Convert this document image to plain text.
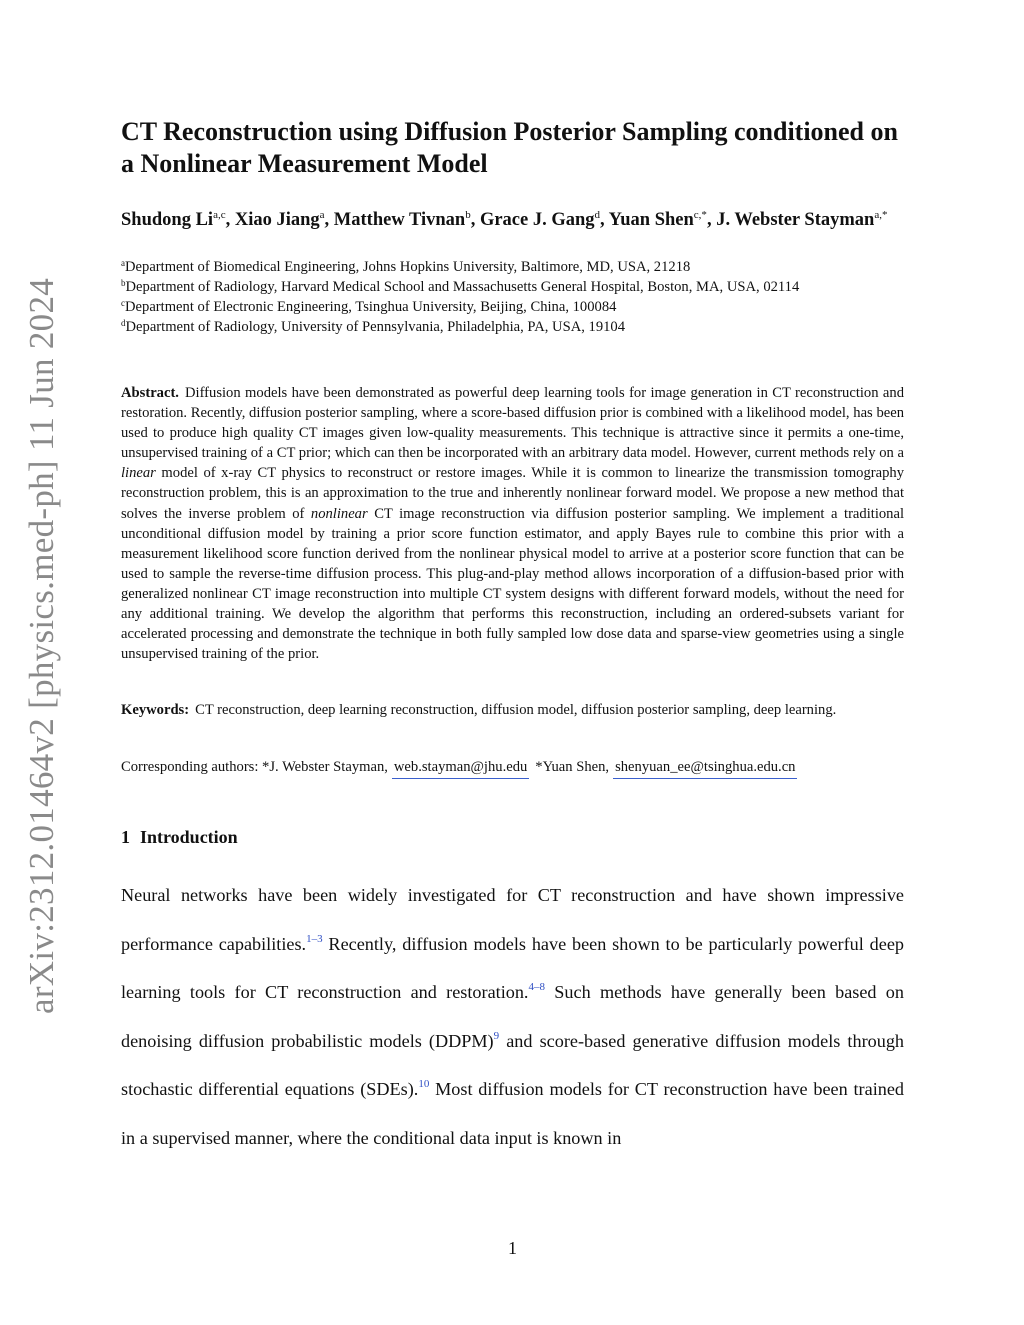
arXiv:2312.01464v2 [physics.med-ph] 11 Jun 2024
CT Reconstruction using Diffusion Posterior Sampling conditioned on a Nonlinear Measurement Model
Shudong Li$^{a,c}$, Xiao Jiang$^a$, Matthew Tivnan$^b$, Grace J. Gang$^d$, Yuan Shen$^{c,*}$, J. Webster Stayman$^{a,*}$
$^a$Department of Biomedical Engineering, Johns Hopkins University, Baltimore, MD, USA, 21218
$^b$Department of Radiology, Harvard Medical School and Massachusetts General Hospital, Boston, MA, USA, 02114
$^c$Department of Electronic Engineering, Tsinghua University, Beijing, China, 100084
$^d$Department of Radiology, University of Pennsylvania, Philadelphia, PA, USA, 19104

Abstract. Diffusion models have been demonstrated as powerful deep learning tools for image generation in CT reconstruction and restoration. Recently, diffusion posterior sampling, where a score-based diffusion prior is combined with a likelihood model, has been used to produce high quality CT images given low-quality measurements. This technique is attractive since it permits a one-time, unsupervised training of a CT prior; which can then be incorporated with an arbitrary data model. However, current methods rely on a linear model of x-ray CT physics to reconstruct or restore images. While it is common to linearize the transmission tomography reconstruction problem, this is an approximation to the true and inherently nonlinear forward model. We propose a new method that solves the inverse problem of nonlinear CT image reconstruction via diffusion posterior sampling. We implement a traditional unconditional diffusion model by training a prior score function estimator, and apply Bayes rule to combine this prior with a measurement likelihood score function derived from the nonlinear physical model to arrive at a posterior score function that can be used to sample the reverse-time diffusion process. This plug-and-play method allows incorporation of a diffusion-based prior with generalized nonlinear CT image reconstruction into multiple CT system designs with different forward models, without the need for any additional training. We develop the algorithm that performs this reconstruction, including an ordered-subsets variant for accelerated processing and demonstrate the technique in both fully sampled low dose data and sparse-view geometries using a single unsupervised training of the prior.

Keywords: CT reconstruction, deep learning reconstruction, diffusion model, diffusion posterior sampling, deep learning.

Corresponding authors: *J. Webster Stayman, web.stayman@jhu.edu *Yuan Shen, shenyuan_ee@tsinghua.edu.cn

1 Introduction

Neural networks have been widely investigated for CT reconstruction and have shown impressive performance capabilities.$^{1-3}$ Recently, diffusion models have been shown to be particularly powerful deep learning tools for CT reconstruction and restoration.$^{4-8}$ Such methods have generally been based on denoising diffusion probabilistic models (DDPM)$^9$ and score-based generative diffusion models through stochastic differential equations (SDEs).$^{10}$ Most diffusion models for CT reconstruction have been trained in a supervised manner, where the conditional data input is known in

1
